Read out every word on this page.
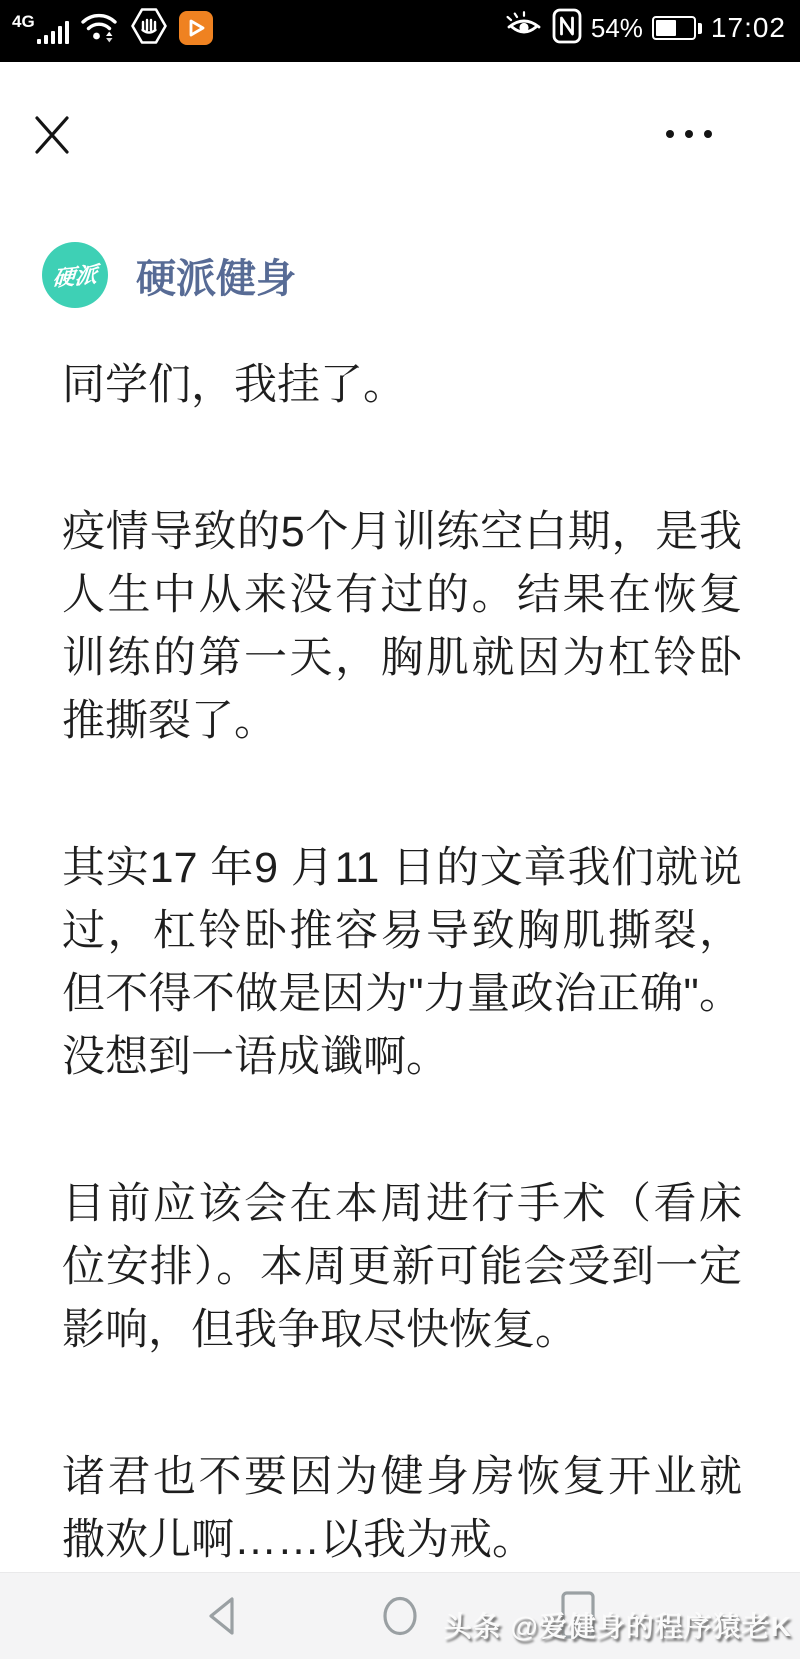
4G	54% 17:02
硬派 硬派健身

同学们，我挂了。

疫情导致的5个月训练空白期，是我人生中从来没有过的。结果在恢复训练的第一天，胸肌就因为杠铃卧推撕裂了。

其实17 年9 月11 日的文章我们就说过，杠铃卧推容易导致胸肌撕裂，但不得不做是因为"力量政治正确"。没想到一语成谶啊。

目前应该会在本周进行手术（看床位安排）。本周更新可能会受到一定影响，但我争取尽快恢复。

诸君也不要因为健身房恢复开业就撒欢儿啊……以我为戒。

头条 @爱健身的程序猿老K
